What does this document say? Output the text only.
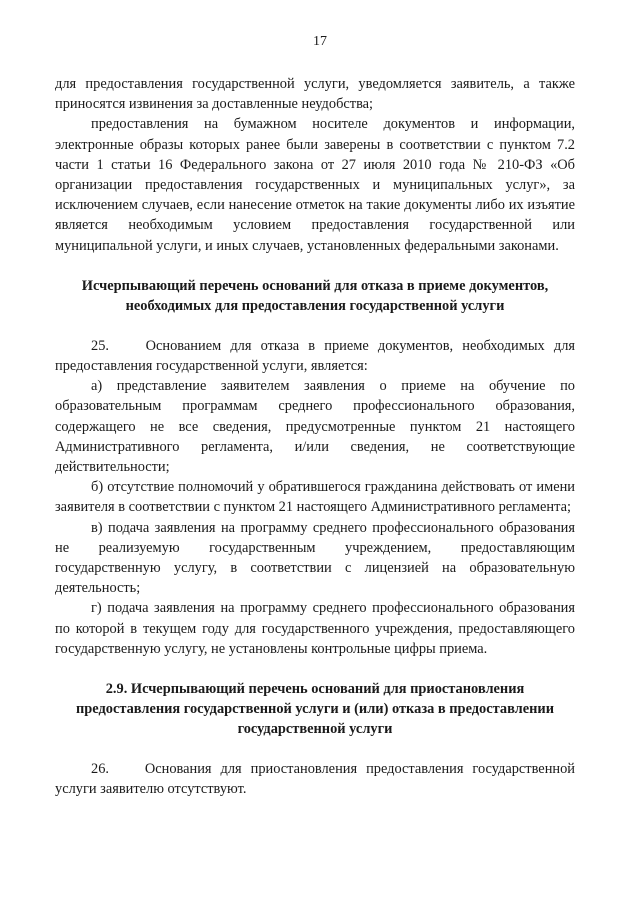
17

для предоставления государственной услуги, уведомляется заявитель, а также приносятся извинения за доставленные неудобства;

предоставления на бумажном носителе документов и информации, электронные образы которых ранее были заверены в соответствии с пунктом 7.2 части 1 статьи 16 Федерального закона от 27 июля 2010 года № 210-ФЗ «Об организации предоставления государственных и муниципальных услуг», за исключением случаев, если нанесение отметок на такие документы либо их изъятие является необходимым условием предоставления государственной или муниципальной услуги, и иных случаев, установленных федеральными законами.

Исчерпывающий перечень оснований для отказа в приеме документов, необходимых для предоставления государственной услуги

25.    Основанием для отказа в приеме документов, необходимых для предоставления государственной услуги, является:

а) представление заявителем заявления о приеме на обучение по образовательным программам среднего профессионального образования, содержащего не все сведения, предусмотренные пунктом 21 настоящего Административного регламента, и/или сведения, не соответствующие действительности;

б) отсутствие полномочий у обратившегося гражданина действовать от имени заявителя в соответствии с пунктом 21 настоящего Административного регламента;

в) подача заявления на программу среднего профессионального образования не реализуемую государственным учреждением, предоставляющим государственную услугу, в соответствии с лицензией на образовательную деятельность;

г) подача заявления на программу среднего профессионального образования по которой в текущем году для государственного учреждения, предоставляющего государственную услугу, не установлены контрольные цифры приема.

2.9. Исчерпывающий перечень оснований для приостановления предоставления государственной услуги и (или) отказа в предоставлении государственной услуги

26.    Основания для приостановления предоставления государственной услуги заявителю отсутствуют.
